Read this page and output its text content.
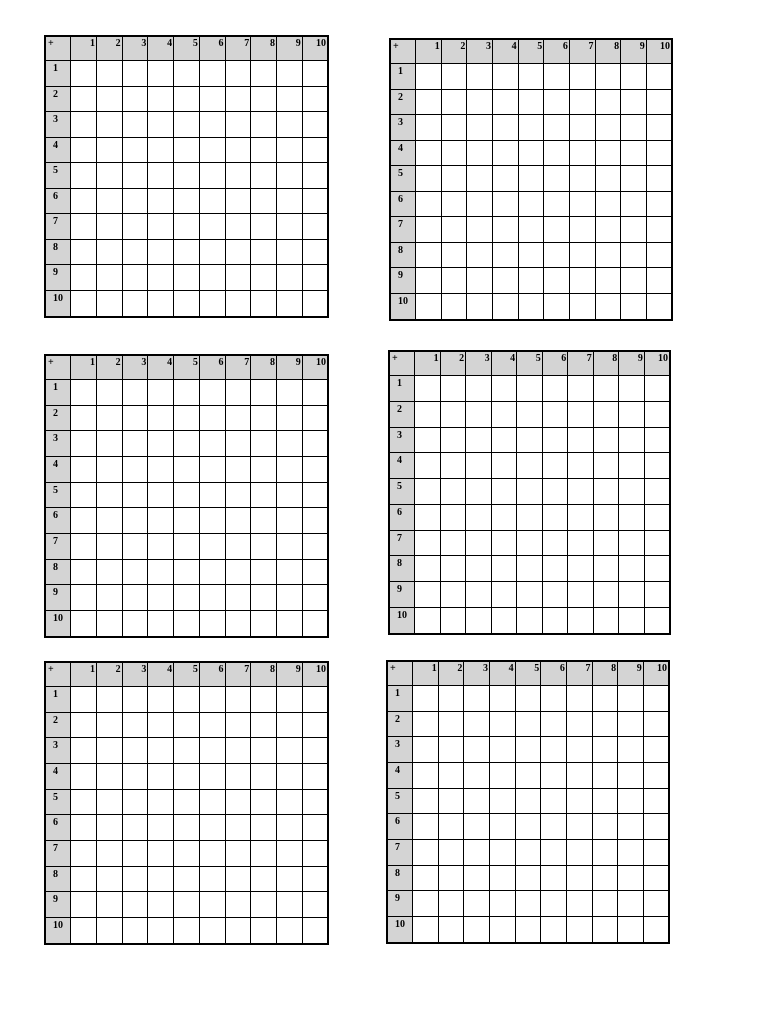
+	1	2	3	4	5	6	7	8	9	10
1										
2										
3										
4										
5										
6										
7										
8										
9										
10										
+	1	2	3	4	5	6	7	8	9	10
1										
2										
3										
4										
5										
6										
7										
8										
9										
10										
+	1	2	3	4	5	6	7	8	9	10
1										
2										
3										
4										
5										
6										
7										
8										
9										
10										
+	1	2	3	4	5	6	7	8	9	10
1										
2										
3										
4										
5										
6										
7										
8										
9										
10										
+	1	2	3	4	5	6	7	8	9	10
1										
2										
3										
4										
5										
6										
7										
8										
9										
10										
+	1	2	3	4	5	6	7	8	9	10
1										
2										
3										
4										
5										
6										
7										
8										
9										
10										
